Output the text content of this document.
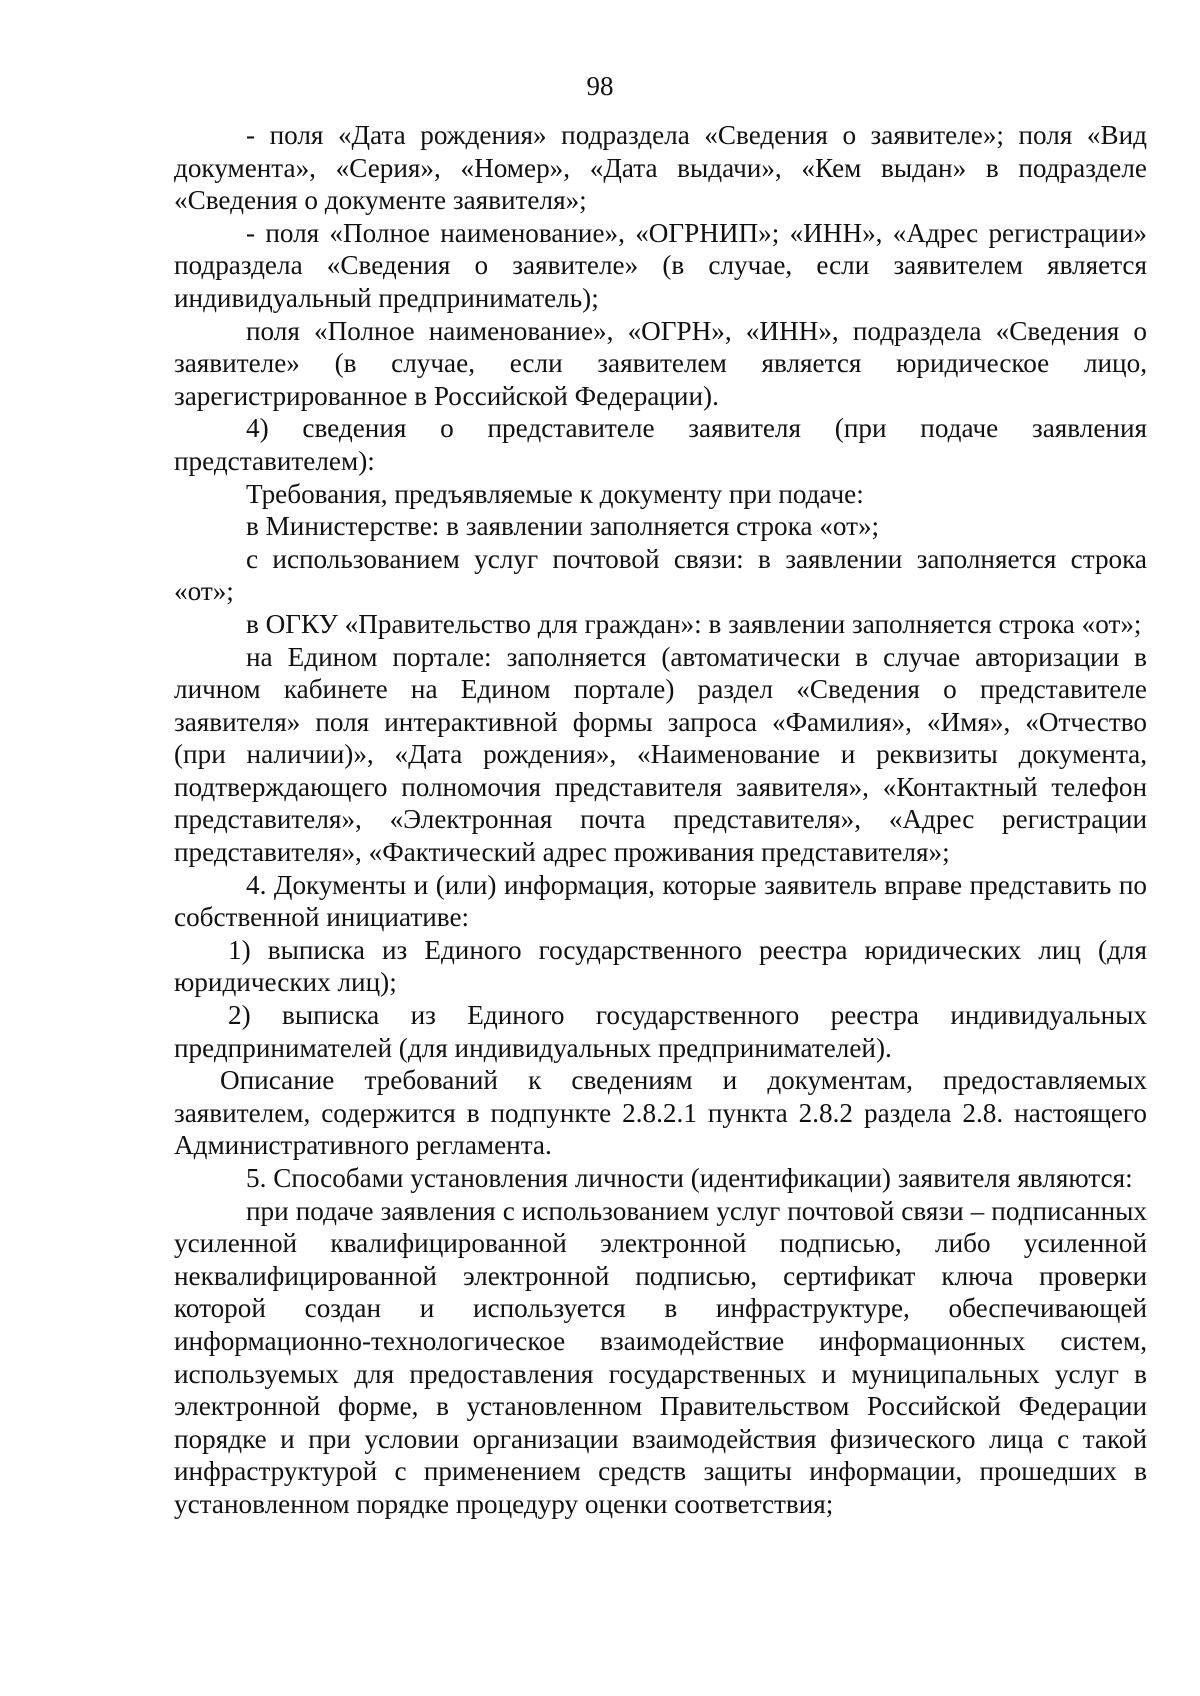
98

- поля «Дата рождения» подраздела «Сведения о заявителе»; поля «Вид документа», «Серия», «Номер», «Дата выдачи», «Кем выдан» в подразделе «Сведения о документе заявителя»;

- поля «Полное наименование», «ОГРНИП»; «ИНН», «Адрес регистрации» подраздела «Сведения о заявителе» (в случае, если заявителем является индивидуальный предприниматель);

поля «Полное наименование», «ОГРН», «ИНН», подраздела «Сведения о заявителе» (в случае, если заявителем является юридическое лицо, зарегистрированное в Российской Федерации).

4) сведения о представителе заявителя (при подаче заявления представителем):

Требования, предъявляемые к документу при подаче:

в Министерстве: в заявлении заполняется строка «от»;

с использованием услуг почтовой связи: в заявлении заполняется строка «от»;

в ОГКУ «Правительство для граждан»: в заявлении заполняется строка «от»;

на Едином портале: заполняется (автоматически в случае авторизации в личном кабинете на Едином портале) раздел «Сведения о представителе заявителя» поля интерактивной формы запроса «Фамилия», «Имя», «Отчество (при наличии)», «Дата рождения», «Наименование и реквизиты документа, подтверждающего полномочия представителя заявителя», «Контактный телефон представителя», «Электронная почта представителя», «Адрес регистрации представителя», «Фактический адрес проживания представителя»;

4. Документы и (или) информация, которые заявитель вправе представить по собственной инициативе:

1) выписка из Единого государственного реестра юридических лиц (для юридических лиц);

2) выписка из Единого государственного реестра индивидуальных предпринимателей (для индивидуальных предпринимателей).

Описание требований к сведениям и документам, предоставляемых заявителем, содержится в подпункте 2.8.2.1 пункта 2.8.2 раздела 2.8. настоящего Административного регламента.

5. Способами установления личности (идентификации) заявителя являются:

при подаче заявления с использованием услуг почтовой связи – подписанных усиленной квалифицированной электронной подписью, либо усиленной неквалифицированной электронной подписью, сертификат ключа проверки которой создан и используется в инфраструктуре, обеспечивающей информационно-технологическое взаимодействие информационных систем, используемых для предоставления государственных и муниципальных услуг в электронной форме, в установленном Правительством Российской Федерации порядке и при условии организации взаимодействия физического лица с такой инфраструктурой с применением средств защиты информации, прошедших в установленном порядке процедуру оценки соответствия;
